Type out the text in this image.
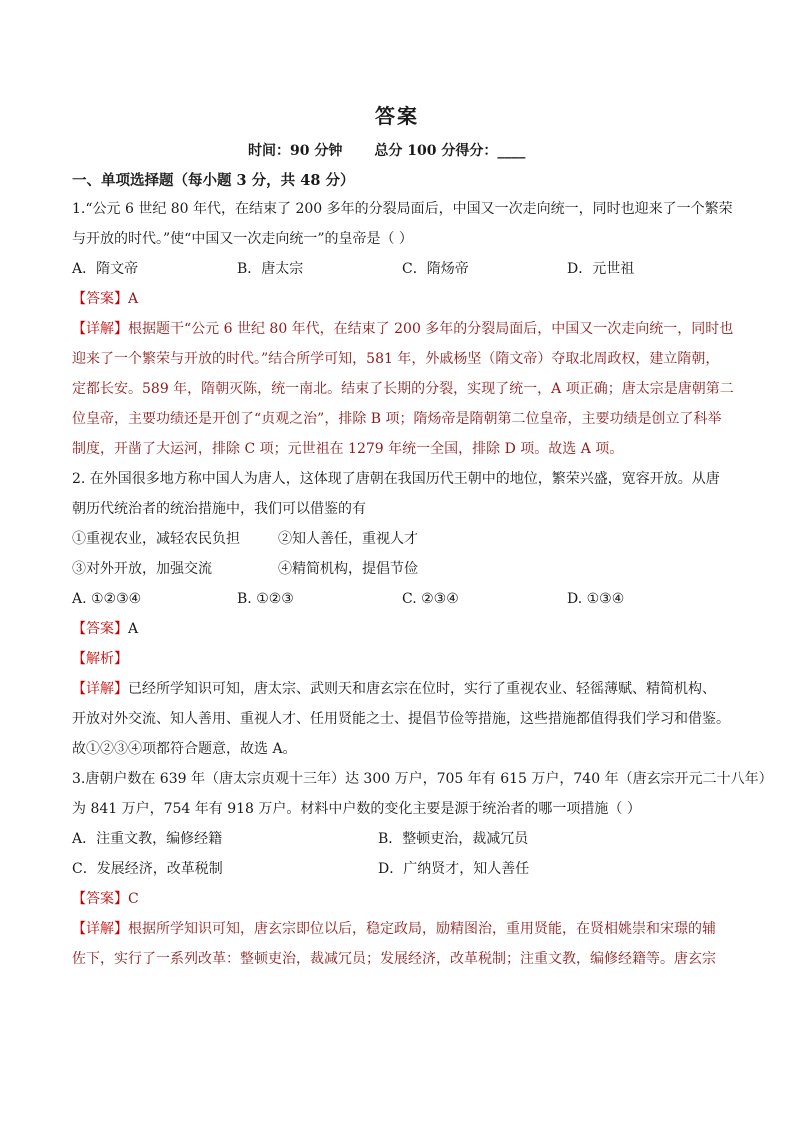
答案
时间：90 分钟 总分 100 分得分：____
一、单项选择题（每小题 3 分，共 48 分）
1.“公元 6 世纪 80 年代，在结束了 200 多年的分裂局面后，中国又一次走向统一，同时也迎来了一个繁荣
与开放的时代。”使“中国又一次走向统一”的皇帝是（ ）
A．隋文帝	B．唐太宗	C．隋炀帝	D．元世祖
【答案】A
【详解】根据题干“公元 6 世纪 80 年代，在结束了 200 多年的分裂局面后，中国又一次走向统一，同时也
迎来了一个繁荣与开放的时代。”结合所学可知，581 年，外戚杨坚（隋文帝）夺取北周政权，建立隋朝，
定都长安。589 年，隋朝灭陈，统一南北。结束了长期的分裂，实现了统一，A 项正确；唐太宗是唐朝第二
位皇帝，主要功绩还是开创了“贞观之治”，排除 B 项；隋炀帝是隋朝第二位皇帝，主要功绩是创立了科举
制度，开凿了大运河，排除 C 项；元世祖在 1279 年统一全国，排除 D 项。故选 A 项。
2. 在外国很多地方称中国人为唐人，这体现了唐朝在我国历代王朝中的地位，繁荣兴盛，宽容开放。从唐
朝历代统治者的统治措施中，我们可以借鉴的有
①重视农业，减轻农民负担	②知人善任，重视人才
③对外开放，加强交流	④精简机构，提倡节俭
A. ①②③④	B. ①②③	C. ②③④	D. ①③④
【答案】A
【解析】
【详解】已经所学知识可知，唐太宗、武则天和唐玄宗在位时，实行了重视农业、轻徭薄赋、精简机构、
开放对外交流、知人善用、重视人才、任用贤能之士、提倡节俭等措施，这些措施都值得我们学习和借鉴。
故①②③④项都符合题意，故选 A。
3.唐朝户数在 639 年（唐太宗贞观十三年）达 300 万户，705 年有 615 万户，740 年（唐玄宗开元二十八年）
为 841 万户，754 年有 918 万户。材料中户数的变化主要是源于统治者的哪一项措施（ ）
A．注重文教，编修经籍	B．整顿吏治，裁减冗员
C．发展经济，改革税制	D．广纳贤才，知人善任
【答案】C
【详解】根据所学知识可知，唐玄宗即位以后，稳定政局，励精图治，重用贤能，在贤相姚崇和宋璟的辅
佐下，实行了一系列改革：整顿吏治，裁减冗员；发展经济，改革税制；注重文教，编修经籍等。唐玄宗
